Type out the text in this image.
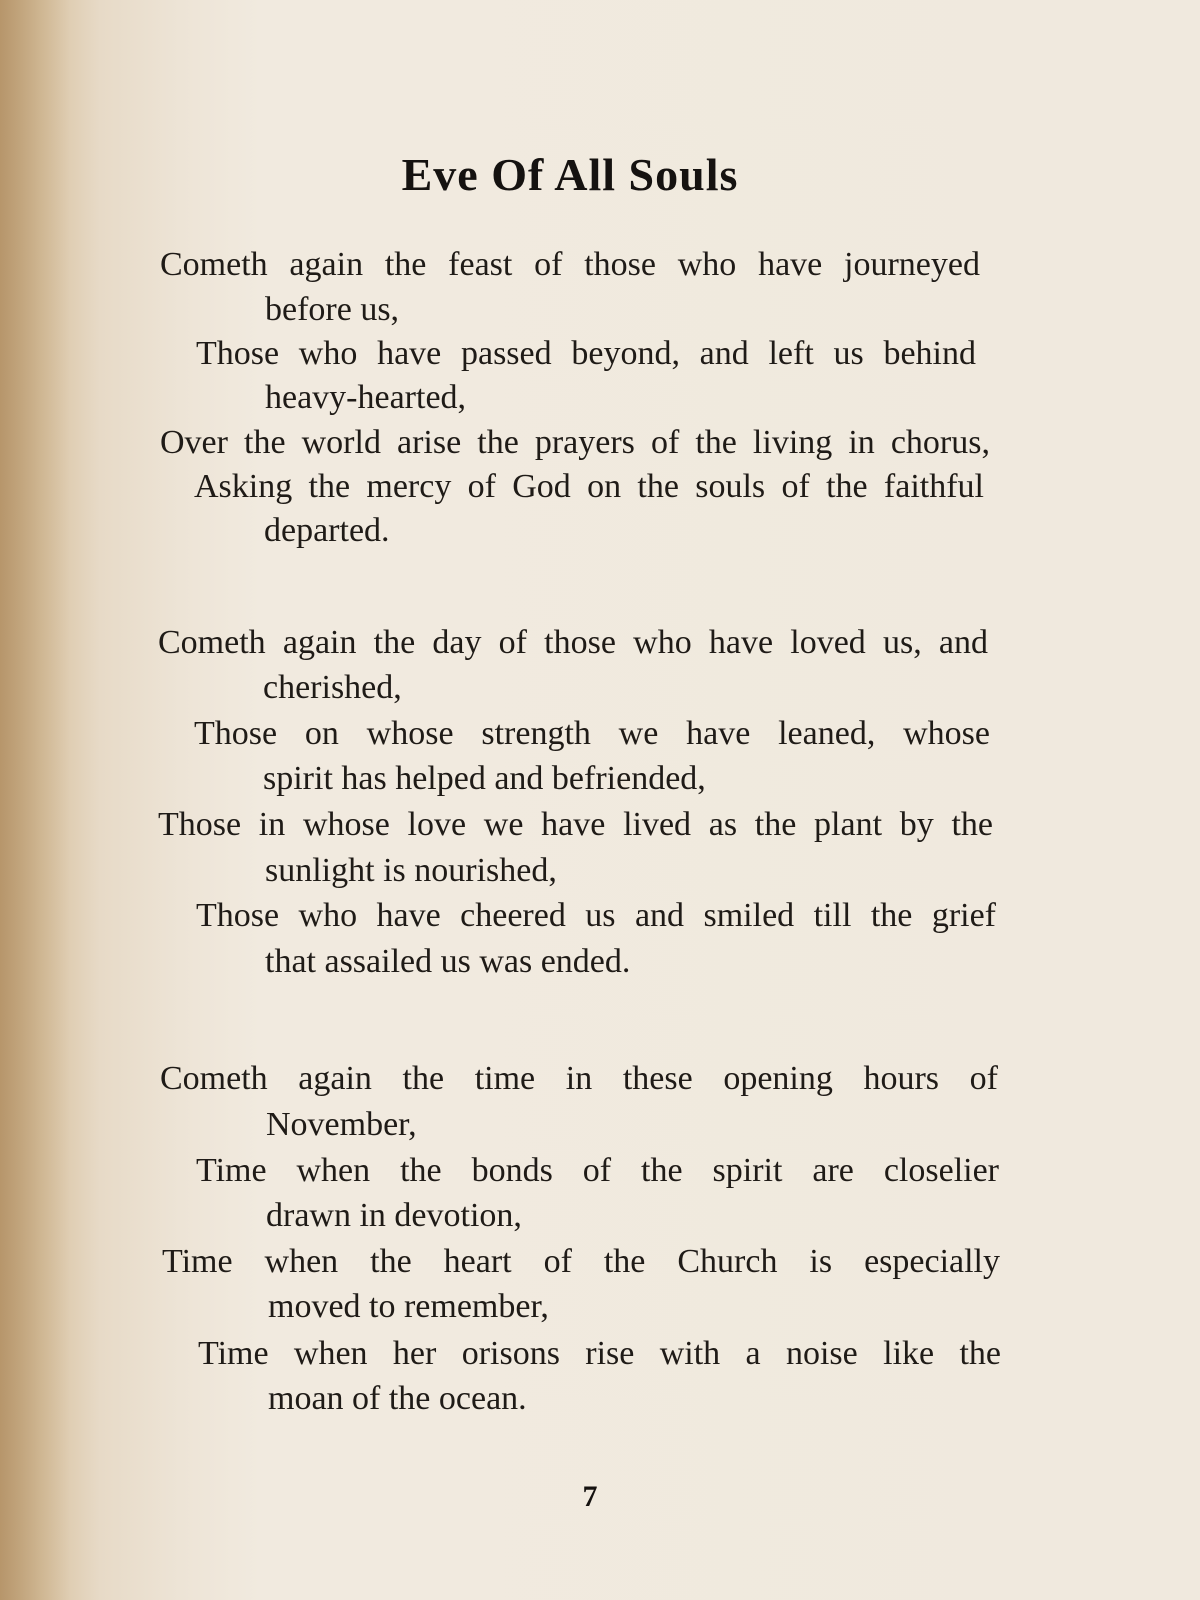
Eve Of All Souls
Cometh again the feast of those who have journeyed
before us,
Those who have passed beyond, and left us behind
heavy-hearted,
Over the world arise the prayers of the living in chorus,
Asking the mercy of God on the souls of the faithful
departed.
Cometh again the day of those who have loved us, and
cherished,
Those on whose strength we have leaned, whose
spirit has helped and befriended,
Those in whose love we have lived as the plant by the
sunlight is nourished,
Those who have cheered us and smiled till the grief
that assailed us was ended.
Cometh again the time in these opening hours of
November,
Time when the bonds of the spirit are closelier
drawn in devotion,
Time when the heart of the Church is especially
moved to remember,
Time when her orisons rise with a noise like the
moan of the ocean.
7
